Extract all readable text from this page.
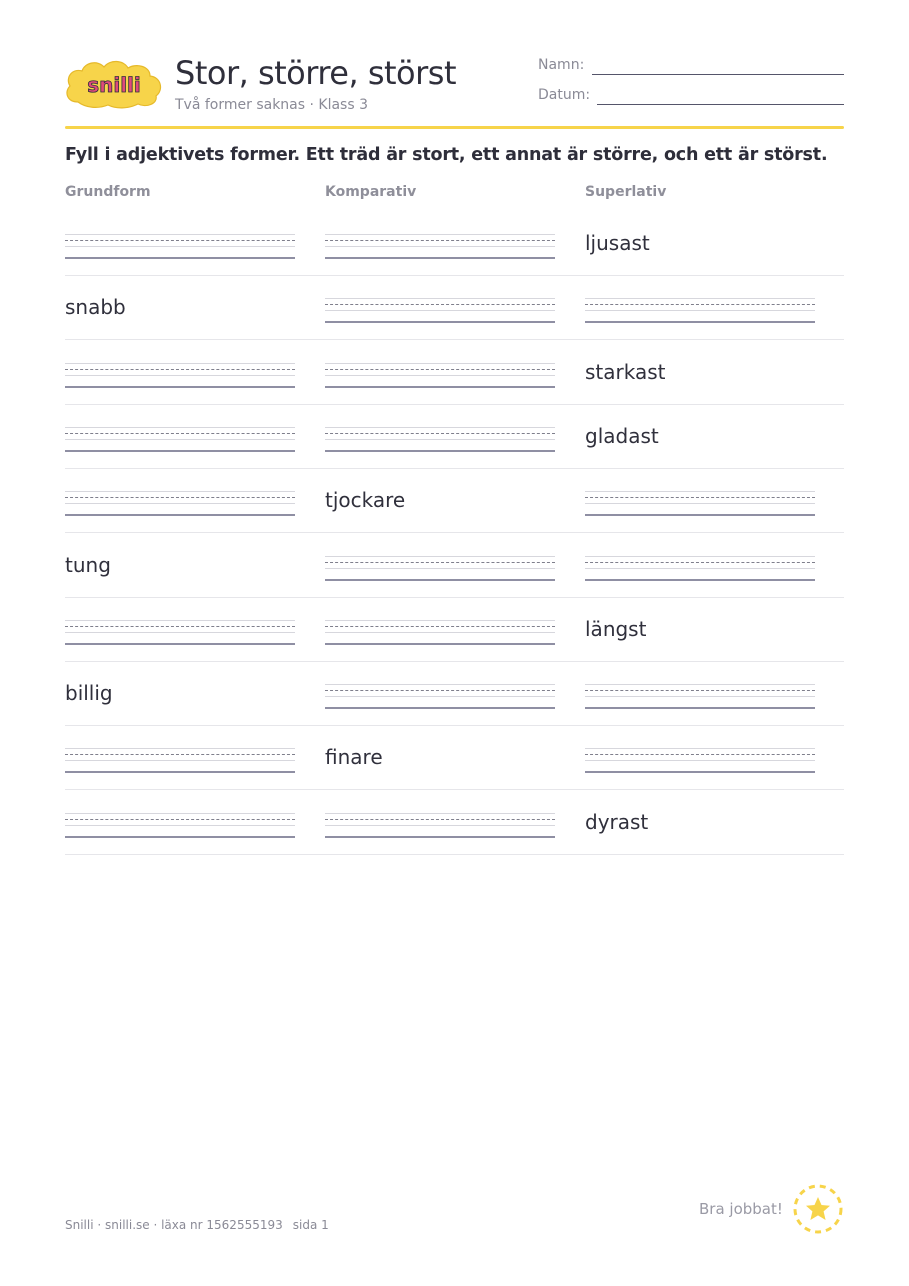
snilli Stor, större, störst
Två former saknas · Klass 3
Namn:
Datum:
Fyll i adjektivets former. Ett träd är stort, ett annat är större, och ett är störst.
Grundform	Komparativ	Superlativ
ljusast
snabb
starkast
gladast
tjockare
tung
längst
billig
finare
dyrast
Snilli · snilli.se · läxa nr 1562555193 sida 1
Bra jobbat!
